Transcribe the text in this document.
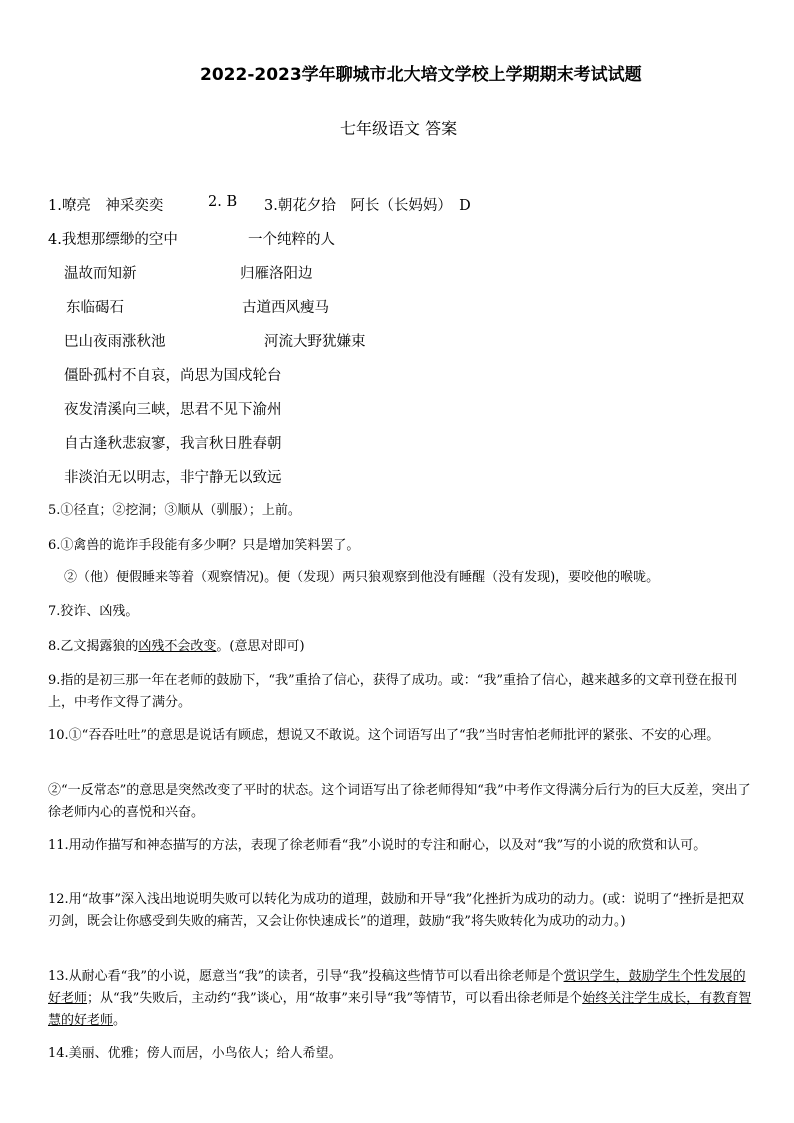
2022-2023学年聊城市北大培文学校上学期期末考试试题
七年级语文 答案
1.嘹亮　神采奕奕	2. B 3.朝花夕拾　阿长（长妈妈）　D
4.我想那缥缈的空中	一个纯粹的人
温故而知新	归雁洛阳边
东临碣石	古道西风瘦马
巴山夜雨涨秋池	河流大野犹嫌束
僵卧孤村不自哀，尚思为国戍轮台
夜发清溪向三峡，思君不见下渝州
自古逢秋悲寂寥，我言秋日胜春朝
非淡泊无以明志，非宁静无以致远
5.①径直；②挖洞；③顺从（驯服）；上前。
6.①禽兽的诡诈手段能有多少啊？只是增加笑料罢了。
②（他）便假睡来等着（观察情况)。便（发现）两只狼观察到他没有睡醒（没有发现)，要咬他的喉咙。
7.狡诈、凶残。
8.乙文揭露狼的凶残不会改变。(意思对即可)
9.指的是初三那一年在老师的鼓励下，“我”重拾了信心，获得了成功。或：“我”重拾了信心，越来越多的文章刊登在报刊上，中考作文得了满分。
10.①“吞吞吐吐”的意思是说话有顾虑，想说又不敢说。这个词语写出了“我”当时害怕老师批评的紧张、不安的心理。
②“一反常态”的意思是突然改变了平时的状态。这个词语写出了徐老师得知“我”中考作文得满分后行为的巨大反差，突出了徐老师内心的喜悦和兴奋。
11.用动作描写和神态描写的方法，表现了徐老师看“我”小说时的专注和耐心，以及对“我”写的小说的欣赏和认可。
12.用“故事”深入浅出地说明失败可以转化为成功的道理，鼓励和开导“我”化挫折为成功的动力。(或：说明了“挫折是把双刃剑，既会让你感受到失败的痛苦，又会让你快速成长”的道理，鼓励“我”将失败转化为成功的动力。)
13.从耐心看“我”的小说，愿意当“我”的读者，引导“我”投稿这些情节可以看出徐老师是个赏识学生，鼓励学生个性发展的好老师；从“我”失败后，主动约“我”谈心，用“故事”来引导“我”等情节，可以看出徐老师是个始终关注学生成长，有教育智慧的好老师。
14.美丽、优雅；傍人而居，小鸟依人；给人希望。
